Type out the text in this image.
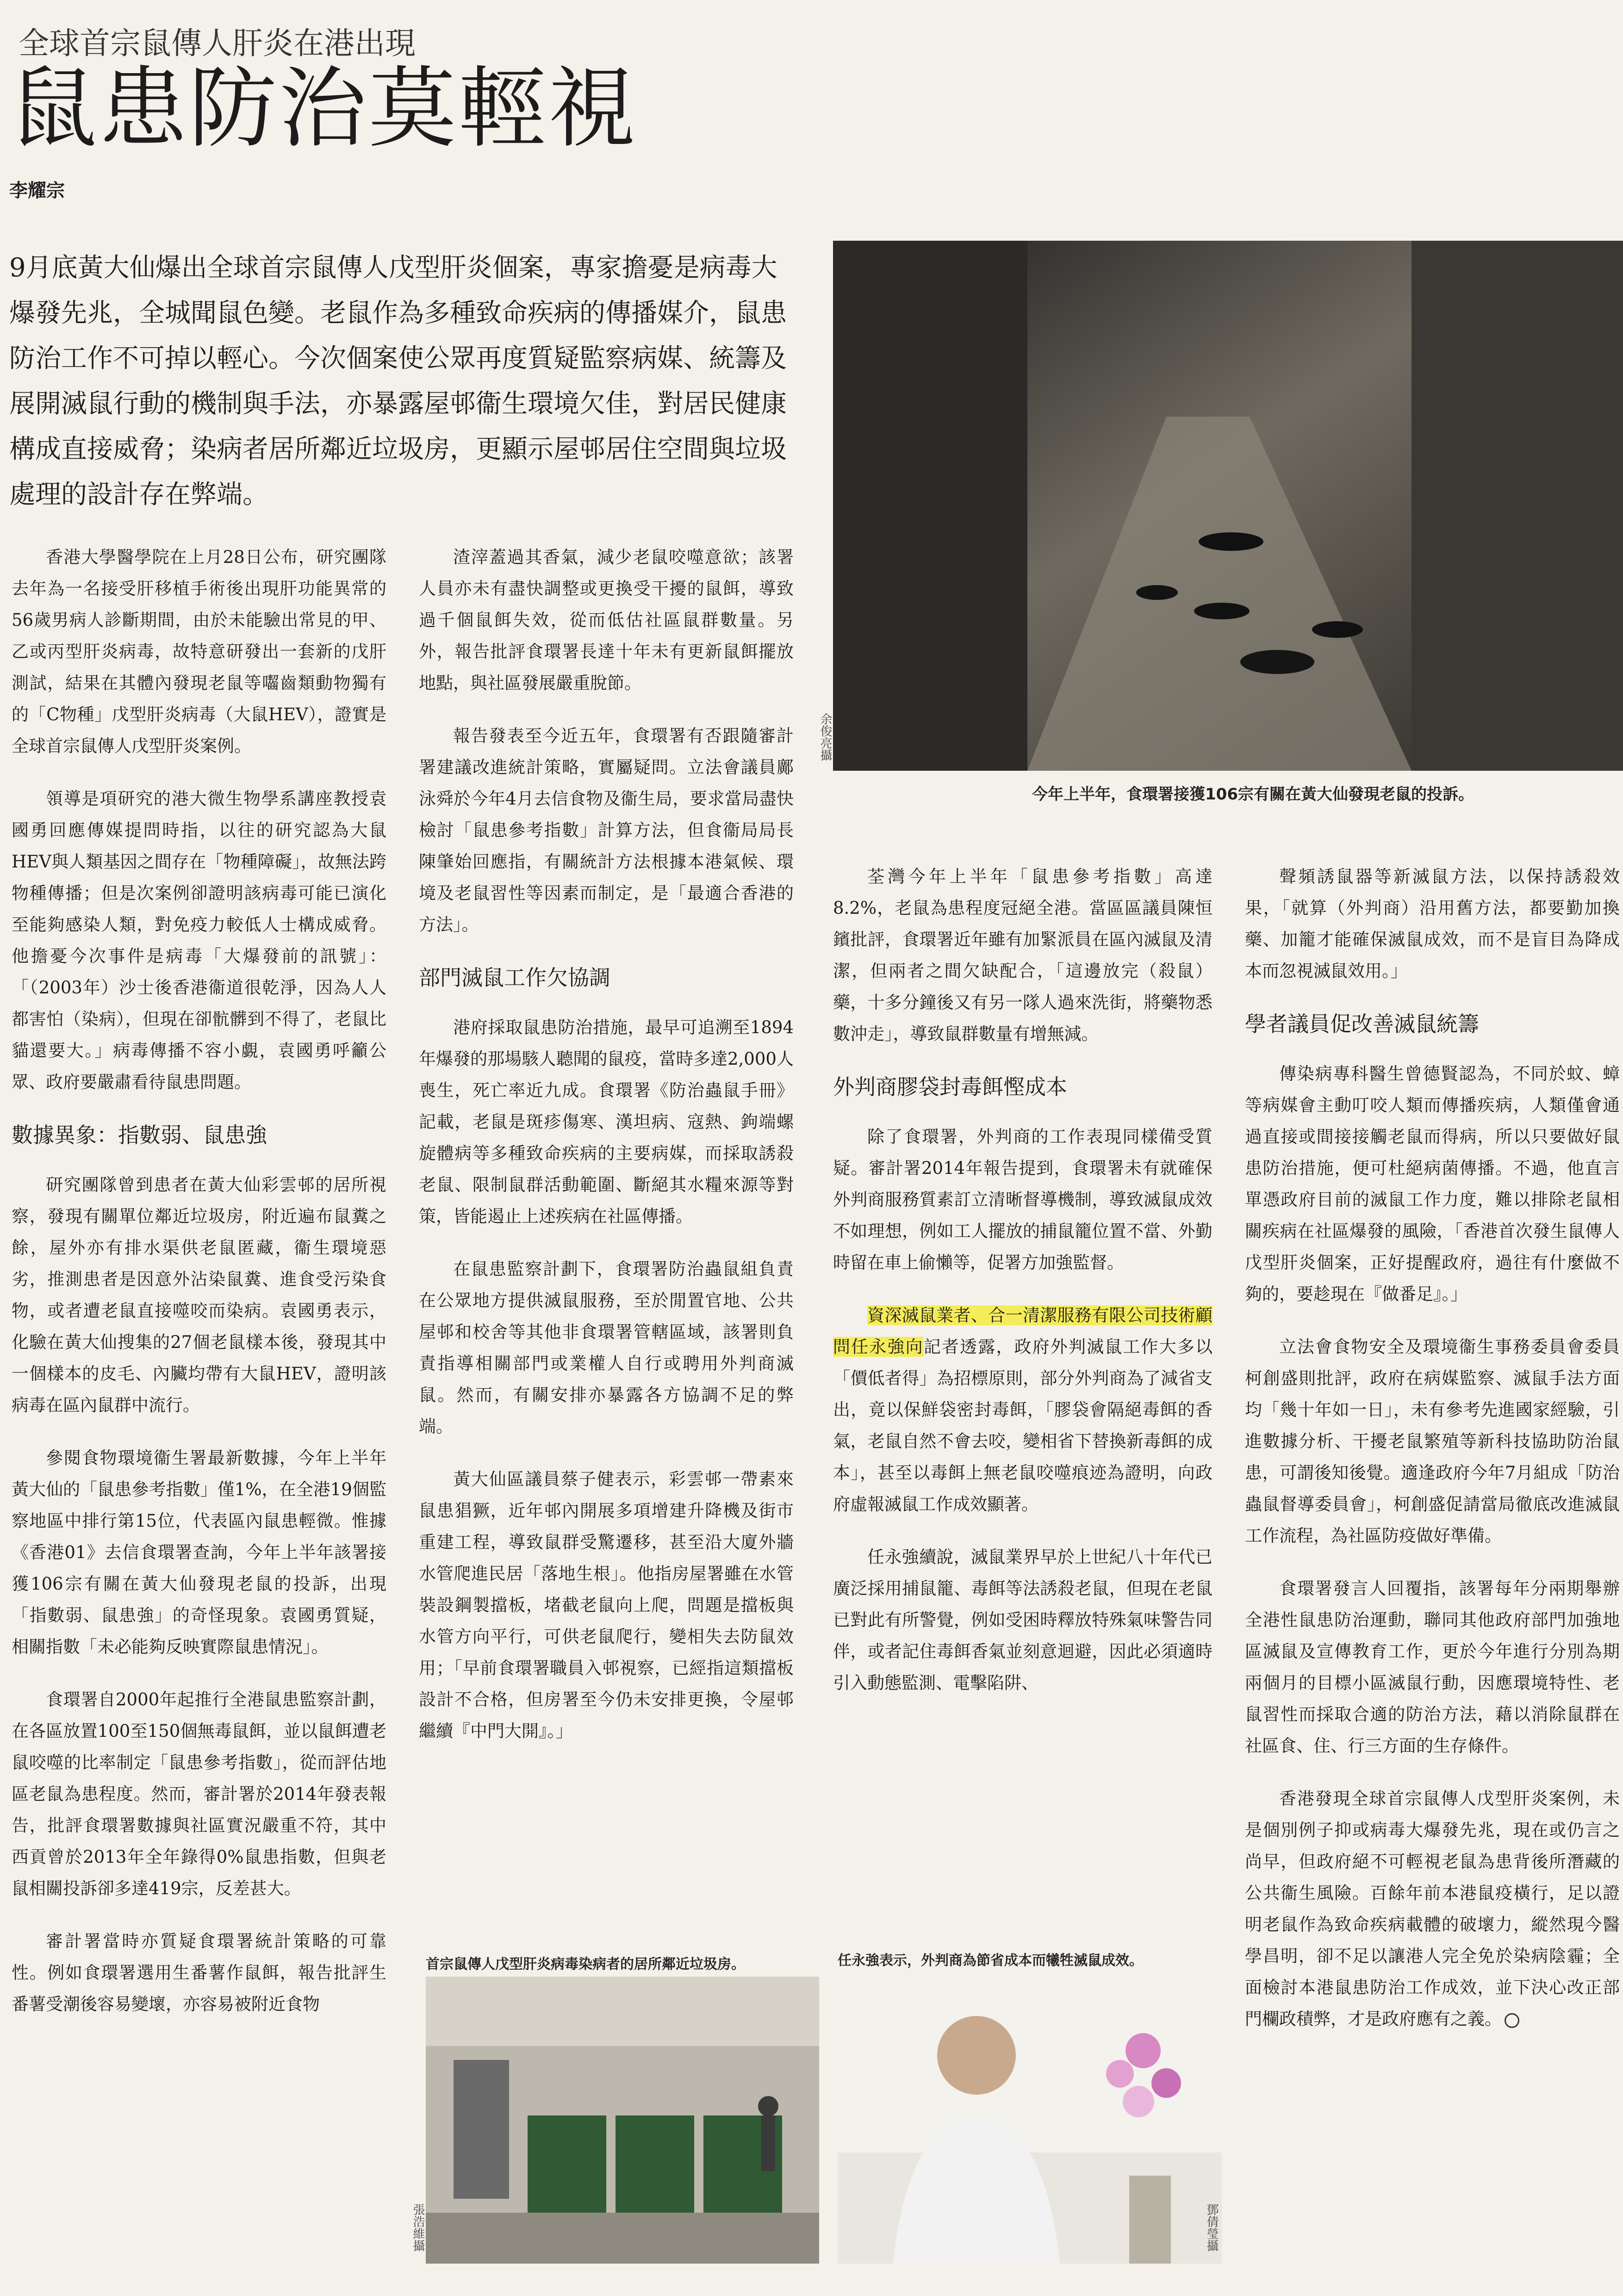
全球首宗鼠傳人肝炎在港出現
鼠患防治莫輕視
李耀宗

9月底黃大仙爆出全球首宗鼠傳人戊型肝炎個案，專家擔憂是病毒大爆發先兆，全城聞鼠色變。老鼠作為多種致命疾病的傳播媒介，鼠患防治工作不可掉以輕心。今次個案使公眾再度質疑監察病媒、統籌及展開滅鼠行動的機制與手法，亦暴露屋邨衞生環境欠佳，對居民健康構成直接威脅；染病者居所鄰近垃圾房，更顯示屋邨居住空間與垃圾處理的設計存在弊端。

余俊亮攝
今年上半年，食環署接獲106宗有關在黃大仙發現老鼠的投訴。

香港大學醫學院在上月28日公布，研究團隊去年為一名接受肝移植手術後出現肝功能異常的56歲男病人診斷期間，由於未能驗出常見的甲、乙或丙型肝炎病毒，故特意研發出一套新的戊肝測試，結果在其體內發現老鼠等囓齒類動物獨有的「C物種」戊型肝炎病毒（大鼠HEV），證實是全球首宗鼠傳人戊型肝炎案例。

領導是項研究的港大微生物學系講座教授袁國勇回應傳媒提問時指，以往的研究認為大鼠HEV與人類基因之間存在「物種障礙」，故無法跨物種傳播；但是次案例卻證明該病毒可能已演化至能夠感染人類，對免疫力較低人士構成威脅。他擔憂今次事件是病毒「大爆發前的訊號」：「（2003年）沙士後香港衞道很乾淨，因為人人都害怕（染病），但現在卻骯髒到不得了，老鼠比貓還要大。」病毒傳播不容小覷，袁國勇呼籲公眾、政府要嚴肅看待鼠患問題。

數據異象：指數弱、鼠患強

研究團隊曾到患者在黃大仙彩雲邨的居所視察，發現有關單位鄰近垃圾房，附近遍布鼠糞之餘，屋外亦有排水渠供老鼠匿藏，衞生環境惡劣，推測患者是因意外沾染鼠糞、進食受污染食物，或者遭老鼠直接噬咬而染病。袁國勇表示，化驗在黃大仙搜集的27個老鼠樣本後，發現其中一個樣本的皮毛、內臟均帶有大鼠HEV，證明該病毒在區內鼠群中流行。

參閱食物環境衞生署最新數據，今年上半年黃大仙的「鼠患參考指數」僅1%，在全港19個監察地區中排行第15位，代表區內鼠患輕微。惟據《香港01》去信食環署查詢，今年上半年該署接獲106宗有關在黃大仙發現老鼠的投訴，出現「指數弱、鼠患強」的奇怪現象。袁國勇質疑，相關指數「未必能夠反映實際鼠患情況」。

食環署自2000年起推行全港鼠患監察計劃，在各區放置100至150個無毒鼠餌，並以鼠餌遭老鼠咬噬的比率制定「鼠患參考指數」，從而評估地區老鼠為患程度。然而，審計署於2014年發表報告，批評食環署數據與社區實況嚴重不符，其中西貢曾於2013年全年錄得0%鼠患指數，但與老鼠相關投訴卻多達419宗，反差甚大。

審計署當時亦質疑食環署統計策略的可靠性。例如食環署選用生番薯作鼠餌，報告批評生番薯受潮後容易變壞，亦容易被附近食物

渣滓蓋過其香氣，減少老鼠咬噬意欲；該署人員亦未有盡快調整或更換受干擾的鼠餌，導致過千個鼠餌失效，從而低估社區鼠群數量。另外，報告批評食環署長達十年未有更新鼠餌擺放地點，與社區發展嚴重脫節。

報告發表至今近五年，食環署有否跟隨審計署建議改進統計策略，實屬疑問。立法會議員鄺泳舜於今年4月去信食物及衞生局，要求當局盡快檢討「鼠患參考指數」計算方法，但食衞局局長陳肇始回應指，有關統計方法根據本港氣候、環境及老鼠習性等因素而制定，是「最適合香港的方法」。

部門滅鼠工作欠協調

港府採取鼠患防治措施，最早可追溯至1894年爆發的那場駭人聽聞的鼠疫，當時多達2,000人喪生，死亡率近九成。食環署《防治蟲鼠手冊》記載，老鼠是斑疹傷寒、漢坦病、寇熱、鉤端螺旋體病等多種致命疾病的主要病媒，而採取誘殺老鼠、限制鼠群活動範圍、斷絕其水糧來源等對策，皆能遏止上述疾病在社區傳播。

在鼠患監察計劃下，食環署防治蟲鼠組負責在公眾地方提供滅鼠服務，至於閒置官地、公共屋邨和校舍等其他非食環署管轄區域，該署則負責指導相關部門或業權人自行或聘用外判商滅鼠。然而，有關安排亦暴露各方協調不足的弊端。

黃大仙區議員蔡子健表示，彩雲邨一帶素來鼠患猖獗，近年邨內開展多項增建升降機及街市重建工程，導致鼠群受驚遷移，甚至沿大廈外牆水管爬進民居「落地生根」。他指房屋署雖在水管裝設鋼製擋板，堵截老鼠向上爬，問題是擋板與水管方向平行，可供老鼠爬行，變相失去防鼠效用；「早前食環署職員入邨視察，已經指這類擋板設計不合格，但房署至今仍未安排更換，令屋邨繼續『中門大開』。」

荃灣今年上半年「鼠患參考指數」高達8.2%，老鼠為患程度冠絕全港。當區區議員陳恒鑌批評，食環署近年雖有加緊派員在區內滅鼠及清潔，但兩者之間欠缺配合，「這邊放完（殺鼠）藥，十多分鐘後又有另一隊人過來洗街，將藥物悉數沖走」，導致鼠群數量有增無減。

外判商膠袋封毒餌慳成本

除了食環署，外判商的工作表現同樣備受質疑。審計署2014年報告提到，食環署未有就確保外判商服務質素訂立清晰督導機制，導致滅鼠成效不如理想，例如工人擺放的捕鼠籠位置不當、外勤時留在車上偷懶等，促署方加強監督。

資深滅鼠業者、合一清潔服務有限公司技術顧問任永強向記者透露，政府外判滅鼠工作大多以「價低者得」為招標原則，部分外判商為了減省支出，竟以保鮮袋密封毒餌，「膠袋會隔絕毒餌的香氣，老鼠自然不會去咬，變相省下替換新毒餌的成本」，甚至以毒餌上無老鼠咬噬痕迹為證明，向政府虛報滅鼠工作成效顯著。

任永強續說，滅鼠業界早於上世紀八十年代已廣泛採用捕鼠籠、毒餌等法誘殺老鼠，但現在老鼠已對此有所警覺，例如受困時釋放特殊氣味警告同伴，或者記住毒餌香氣並刻意迴避，因此必須適時引入動態監測、電擊陷阱、

聲頻誘鼠器等新滅鼠方法，以保持誘殺效果，「就算（外判商）沿用舊方法，都要勤加換藥、加籠才能確保滅鼠成效，而不是盲目為降成本而忽視滅鼠效用。」

學者議員促改善滅鼠統籌

傳染病專科醫生曾德賢認為，不同於蚊、蟑等病媒會主動叮咬人類而傳播疾病，人類僅會通過直接或間接接觸老鼠而得病，所以只要做好鼠患防治措施，便可杜絕病菌傳播。不過，他直言單憑政府目前的滅鼠工作力度，難以排除老鼠相關疾病在社區爆發的風險，「香港首次發生鼠傳人戊型肝炎個案，正好提醒政府，過往有什麼做不夠的，要趁現在『做番足』。」

立法會食物安全及環境衞生事務委員會委員柯創盛則批評，政府在病媒監察、滅鼠手法方面均「幾十年如一日」，未有參考先進國家經驗，引進數據分析、干擾老鼠繁殖等新科技協助防治鼠患，可謂後知後覺。適逢政府今年7月組成「防治蟲鼠督導委員會」，柯創盛促請當局徹底改進滅鼠工作流程，為社區防疫做好準備。

食環署發言人回覆指，該署每年分兩期舉辦全港性鼠患防治運動，聯同其他政府部門加強地區滅鼠及宣傳教育工作，更於今年進行分別為期兩個月的目標小區滅鼠行動，因應環境特性、老鼠習性而採取合適的防治方法，藉以消除鼠群在社區食、住、行三方面的生存條件。

香港發現全球首宗鼠傳人戊型肝炎案例，未是個別例子抑或病毒大爆發先兆，現在或仍言之尚早，但政府絕不可輕視老鼠為患背後所潛藏的公共衞生風險。百餘年前本港鼠疫橫行，足以證明老鼠作為致命疾病載體的破壞力，縱然現今醫學昌明，卻不足以讓港人完全免於染病陰霾；全面檢討本港鼠患防治工作成效，並下決心改正部門欄政積弊，才是政府應有之義。

首宗鼠傳人戊型肝炎病毒染病者的居所鄰近垃圾房。
張浩維攝
任永強表示，外判商為節省成本而犧牲滅鼠成效。
鄧倩瑩攝
